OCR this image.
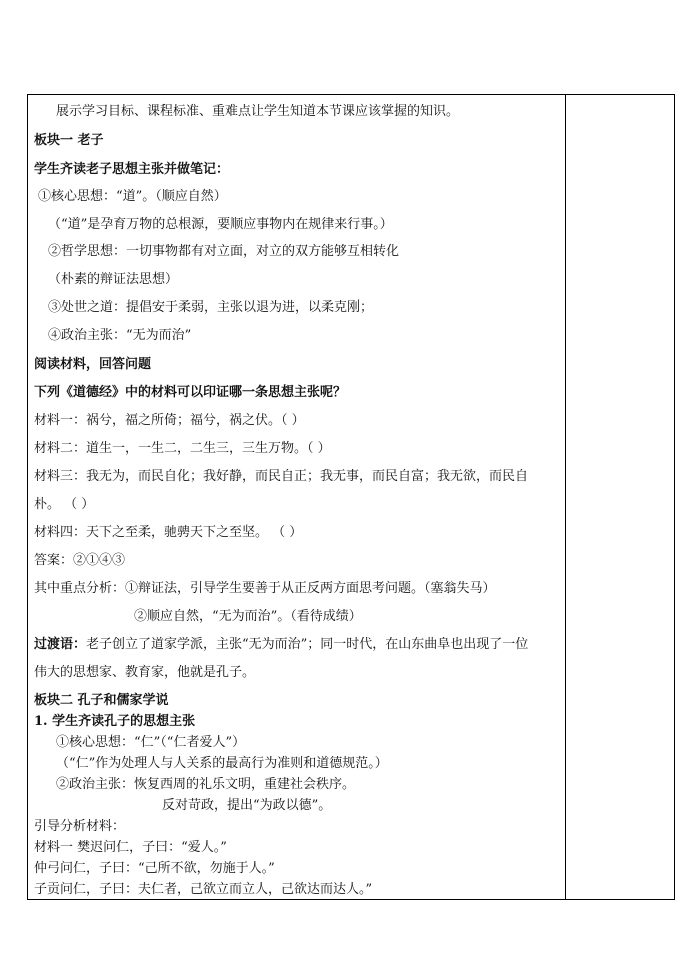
展示学习目标、课程标准、重难点让学生知道本节课应该掌握的知识。
板块一 老子
学生齐读老子思想主张并做笔记：
①核心思想：“道”。（顺应自然）
（“道”是孕育万物的总根源，要顺应事物内在规律来行事。）
②哲学思想：一切事物都有对立面，对立的双方能够互相转化
（朴素的辩证法思想）
③处世之道：提倡安于柔弱，主张以退为进，以柔克刚；
④政治主张：“无为而治”
阅读材料，回答问题
下列《道德经》中的材料可以印证哪一条思想主张呢？
材料一：祸兮，福之所倚；福兮，祸之伏。（ ）
材料二：道生一，一生二，二生三，三生万物。（ ）
材料三：我无为，而民自化；我好静，而民自正；我无事，而民自富；我无欲，而民自
朴。 （ ）
材料四：天下之至柔，驰骋天下之至坚。 （ ）
答案：②①④③
其中重点分析：①辩证法，引导学生要善于从正反两方面思考问题。（塞翁失马）
②顺应自然，“无为而治”。（看待成绩）
过渡语：老子创立了道家学派，主张“无为而治”；同一时代，在山东曲阜也出现了一位
伟大的思想家、教育家，他就是孔子。
板块二 孔子和儒家学说
1. 学生齐读孔子的思想主张
①核心思想：“仁”（“仁者爱人”）
（“仁”作为处理人与人关系的最高行为准则和道德规范。）
②政治主张：恢复西周的礼乐文明，重建社会秩序。
反对苛政，提出“为政以德”。
引导分析材料：
材料一 樊迟问仁，子曰：“爱人。”
仲弓问仁，子曰：“己所不欲，勿施于人。”
子贡问仁，子曰：夫仁者，己欲立而立人，己欲达而达人。”
